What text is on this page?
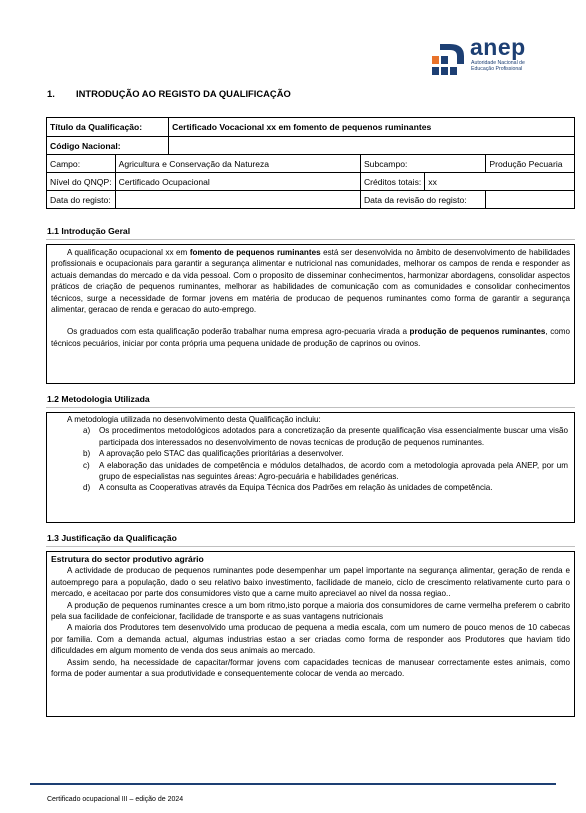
anep
Autoridade Nacional de
Educação Profissional
1. INTRODUÇÃO AO REGISTO DA QUALIFICAÇÃO
Título da Qualificação:		Certificado Vocacional xx em fomento de pequenos ruminantes			
Código Nacional:					
Campo:	Agricultura e Conservação da Natureza		Subcampo:		Produção Pecuaria
Nível do QNQP:	Certificado Ocupacional		Créditos totais:	xx	
Data do registo:			Data da revisão do registo:		
1.1 Introdução Geral

A qualificação ocupacional xx em fomento de pequenos ruminantes está ser desenvolvida no âmbito de desenvolvimento de habilidades profissionais e ocupacionais para garantir a segurança alimentar e nutricional nas comunidades, melhorar os campos de renda e responder as actuais demandas do mercado e da vida pessoal. Com o proposito de disseminar conhecimentos, harmonizar abordagens, consolidar aspectos práticos de criação de pequenos ruminantes, melhorar as habilidades de comunicação com as comunidades e consolidar conhecimentos técnicos, surge a necessidade de formar jovens em matéria de producao de pequenos ruminantes como forma de garantir a segurança alimentar, geracao de renda e geracao do auto-emprego.

Os graduados com esta qualificação poderão trabalhar numa empresa agro-pecuaria virada a produção de pequenos ruminantes, como técnicos pecuários, iniciar por conta própria uma pequena unidade de produção de caprinos ou ovinos.

1.2 Metodologia Utilizada

A metodologia utilizada no desenvolvimento desta Qualificação incluiu:

a) Os procedimentos metodológicos adotados para a concretização da presente qualificação visa essencialmente buscar uma visão participada dos interessados no desenvolvimento de novas tecnicas de produção de pequenos ruminantes.
b) A aprovação pelo STAC das qualificações prioritárias a desenvolver.
c) A elaboração das unidades de competência e módulos detalhados, de acordo com a metodologia aprovada pela ANEP, por um grupo de especialistas nas seguintes áreas: Agro-pecuária e habilidades genéricas.
d) A consulta as Cooperativas através da Equipa Técnica dos Padrões em relação às unidades de competência.
1.3 Justificação da Qualificação

Estrutura do sector produtivo agrário

A actividade de producao de pequenos ruminantes pode desempenhar um papel importante na segurança alimentar, geração de renda e autoemprego para a população, dado o seu relativo baixo investimento, facilidade de maneio, ciclo de crescimento relativamente curto para o mercado, e aceitacao por parte dos consumidores visto que a carne muito apreciavel ao nivel da nossa regiao..

A produção de pequenos ruminantes cresce a um bom ritmo,isto porque a maioria dos consumidores de carne vermelha preferem o cabrito pela sua facilidade de confeicionar, facilidade de transporte e as suas vantagens nutricionais

A maioria dos Produtores tem desenvolvido uma producao de pequena a media escala, com um numero de pouco menos de 10 cabecas por familia. Com a demanda actual, algumas industrias estao a ser criadas como forma de responder aos Produtores que haviam tido dificuldades em algum momento de venda dos seus animais ao mercado.

Assim sendo, ha necessidade de capacitar/formar jovens com capacidades tecnicas de manusear correctamente estes animais, como forma de poder aumentar a sua produtividade e consequentemente colocar de venda ao mercado.

Certificado ocupacional III – edição de 2024
